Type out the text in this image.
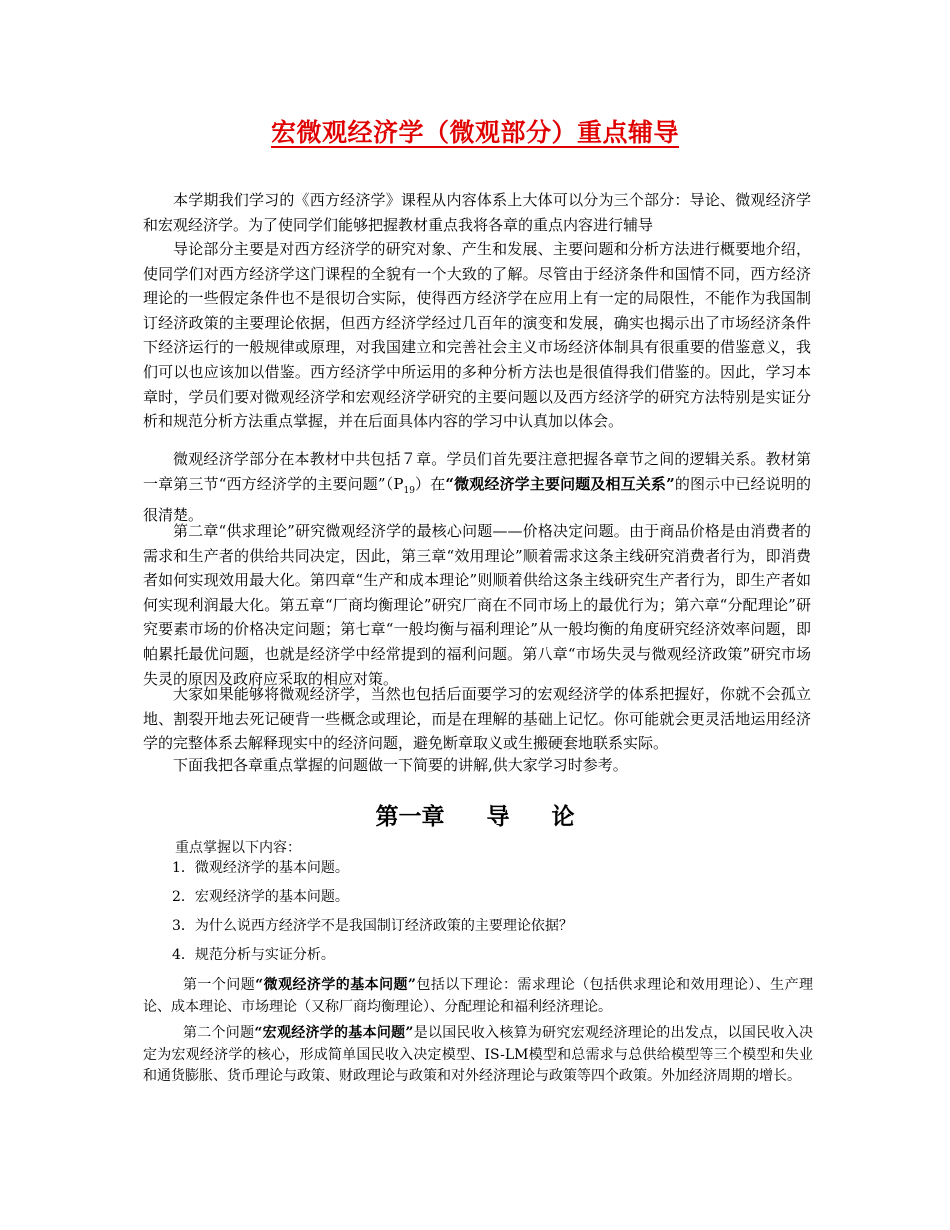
宏微观经济学（微观部分）重点辅导

本学期我们学习的《西方经济学》课程从内容体系上大体可以分为三个部分：导论、微观经济学和宏观经济学。为了使同学们能够把握教材重点我将各章的重点内容进行辅导

导论部分主要是对西方经济学的研究对象、产生和发展、主要问题和分析方法进行概要地介绍，使同学们对西方经济学这门课程的全貌有一个大致的了解。尽管由于经济条件和国情不同，西方经济理论的一些假定条件也不是很切合实际，使得西方经济学在应用上有一定的局限性，不能作为我国制订经济政策的主要理论依据，但西方经济学经过几百年的演变和发展，确实也揭示出了市场经济条件下经济运行的一般规律或原理，对我国建立和完善社会主义市场经济体制具有很重要的借鉴意义，我们可以也应该加以借鉴。西方经济学中所运用的多种分析方法也是很值得我们借鉴的。因此，学习本章时，学员们要对微观经济学和宏观经济学研究的主要问题以及西方经济学的研究方法特别是实证分析和规范分析方法重点掌握，并在后面具体内容的学习中认真加以体会。

微观经济学部分在本教材中共包括７章。学员们首先要注意把握各章节之间的逻辑关系。教材第一章第三节“西方经济学的主要问题$”(P_{19})$在“微观经济学主要问题及相互关系”的图示中已经说明的很清楚。

第二章“供求理论”研究微观经济学的最核心问题——价格决定问题。由于商品价格是由消费者的需求和生产者的供给共同决定，因此，第三章“效用理论”顺着需求这条主线研究消费者行为，即消费者如何实现效用最大化。第四章“生产和成本理论”则顺着供给这条主线研究生产者行为，即生产者如何实现利润最大化。第五章“厂商均衡理论”研究厂商在不同市场上的最优行为；第六章“分配理论”研究要素市场的价格决定问题；第七章“一般均衡与福利理论”从一般均衡的角度研究经济效率问题，即帕累托最优问题，也就是经济学中经常提到的福利问题。第八章“市场失灵与微观经济政策”研究市场失灵的原因及政府应采取的相应对策。

大家如果能够将微观经济学，当然也包括后面要学习的宏观经济学的体系把握好，你就不会孤立地、割裂开地去死记硬背一些概念或理论，而是在理解的基础上记忆。你可能就会更灵活地运用经济学的完整体系去解释现实中的经济问题，避免断章取义或生搬硬套地联系实际。

下面我把各章重点掌握的问题做一下简要的讲解,供大家学习时参考。

第一章 导 论
重点掌握以下内容：
1．微观经济学的基本问题。
2．宏观经济学的基本问题。
3．为什么说西方经济学不是我国制订经济政策的主要理论依据？
4．规范分析与实证分析。

第一个问题“微观经济学的基本问题”包括以下理论：需求理论（包括供求理论和效用理论）、生产理论、成本理论、市场理论（又称厂商均衡理论）、分配理论和福利经济理论。

第二个问题“宏观经济学的基本问题”是以国民收入核算为研究宏观经济理论的出发点，以国民收入决定为宏观经济学的核心，形成简单国民收入决定模型、IS-LM模型和总需求与总供给模型等三个模型和失业和通货膨胀、货币理论与政策、财政理论与政策和对外经济理论与政策等四个政策。外加经济周期的增长。
